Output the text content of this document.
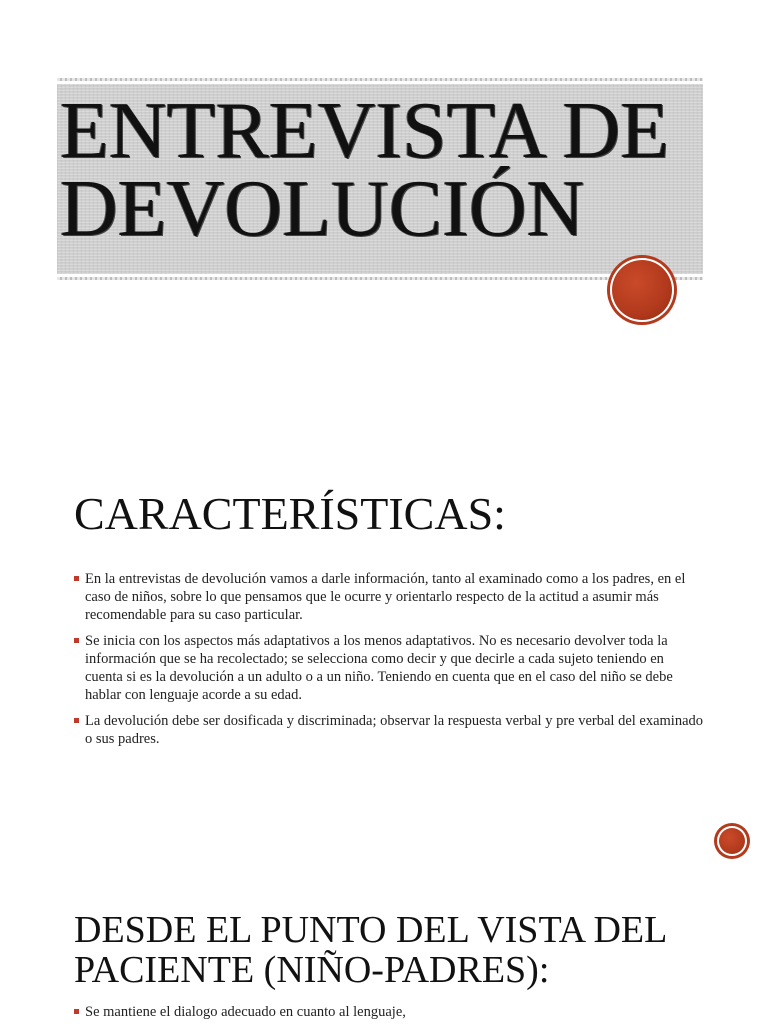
ENTREVISTA DE
DEVOLUCIÓN
CARACTERÍSTICAS:
En la entrevistas de devolución vamos a darle información, tanto al examinado como a los padres, en el caso de niños, sobre lo que pensamos que le ocurre y orientarlo respecto de la actitud a asumir más recomendable para su caso particular.
Se inicia con los aspectos más adaptativos a los menos adaptativos. No es necesario devolver toda la información que se ha recolectado; se selecciona como decir y que decirle a cada sujeto teniendo en cuenta si es la devolución a un adulto o a un niño. Teniendo en cuenta que en el caso del niño se debe hablar con lenguaje acorde a su edad.
La devolución debe ser dosificada y discriminada; observar la respuesta verbal y pre verbal del examinado o sus padres.
DESDE EL PUNTO DEL VISTA DEL
PACIENTE (NIÑO-PADRES):
Se mantiene el dialogo adecuado en cuanto al lenguaje,
